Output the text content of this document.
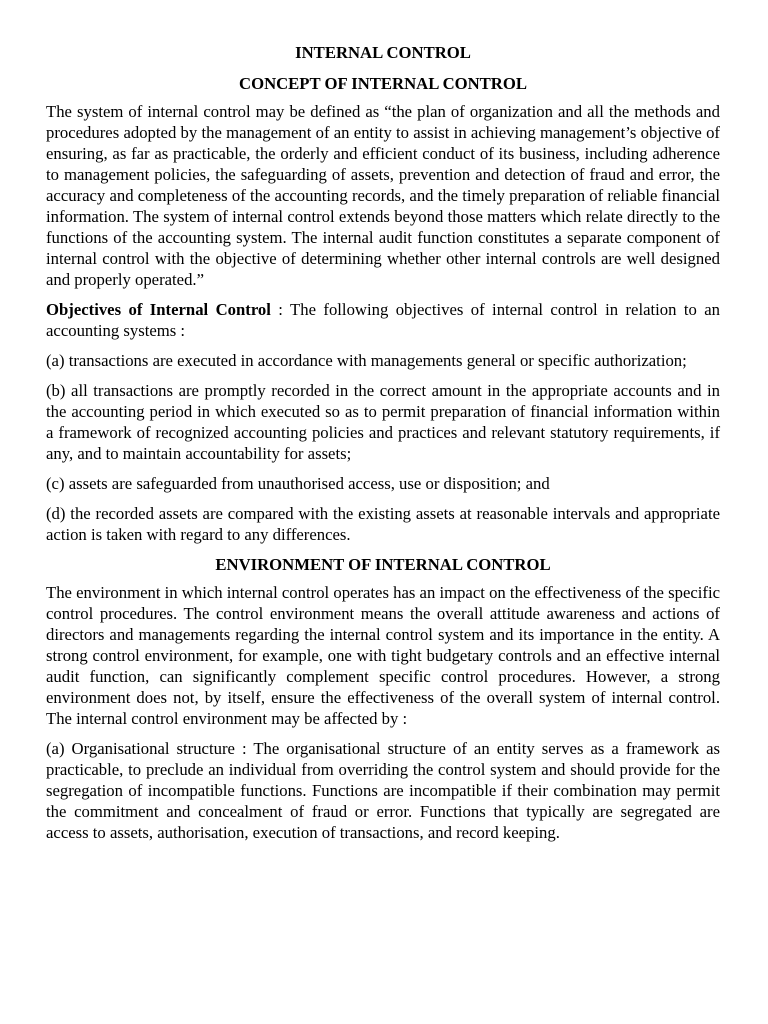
INTERNAL CONTROL
CONCEPT OF INTERNAL CONTROL

The system of internal control may be defined as “the plan of organization and all the methods and procedures adopted by the management of an entity to assist in achieving management’s objective of ensuring, as far as practicable, the orderly and efficient conduct of its business, including adherence to management policies, the safeguarding of assets, prevention and detection of fraud and error, the accuracy and completeness of the accounting records, and the timely preparation of reliable financial information. The system of internal control extends beyond those matters which relate directly to the functions of the accounting system. The internal audit function constitutes a separate component of internal control with the objective of determining whether other internal controls are well designed and properly operated.”

Objectives of Internal Control : The following objectives of internal control in relation to an accounting systems :

(a) transactions are executed in accordance with managements general or specific authorization;

(b) all transactions are promptly recorded in the correct amount in the appropriate accounts and in the accounting period in which executed so as to permit preparation of financial information within a framework of recognized accounting policies and practices and relevant statutory requirements, if any, and to maintain accountability for assets;

(c) assets are safeguarded from unauthorised access, use or disposition; and

(d) the recorded assets are compared with the existing assets at reasonable intervals and appropriate action is taken with regard to any differences.

ENVIRONMENT OF INTERNAL CONTROL

The environment in which internal control operates has an impact on the effectiveness of the specific control procedures. The control environment means the overall attitude awareness and actions of directors and managements regarding the internal control system and its importance in the entity. A strong control environment, for example, one with tight budgetary controls and an effective internal audit function, can significantly complement specific control procedures. However, a strong environment does not, by itself, ensure the effectiveness of the overall system of internal control. The internal control environment may be affected by :

(a) Organisational structure : The organisational structure of an entity serves as a framework as practicable, to preclude an individual from overriding the control system and should provide for the segregation of incompatible functions. Functions are incompatible if their combination may permit the commitment and concealment of fraud or error. Functions that typically are segregated are access to assets, authorisation, execution of transactions, and record keeping.
